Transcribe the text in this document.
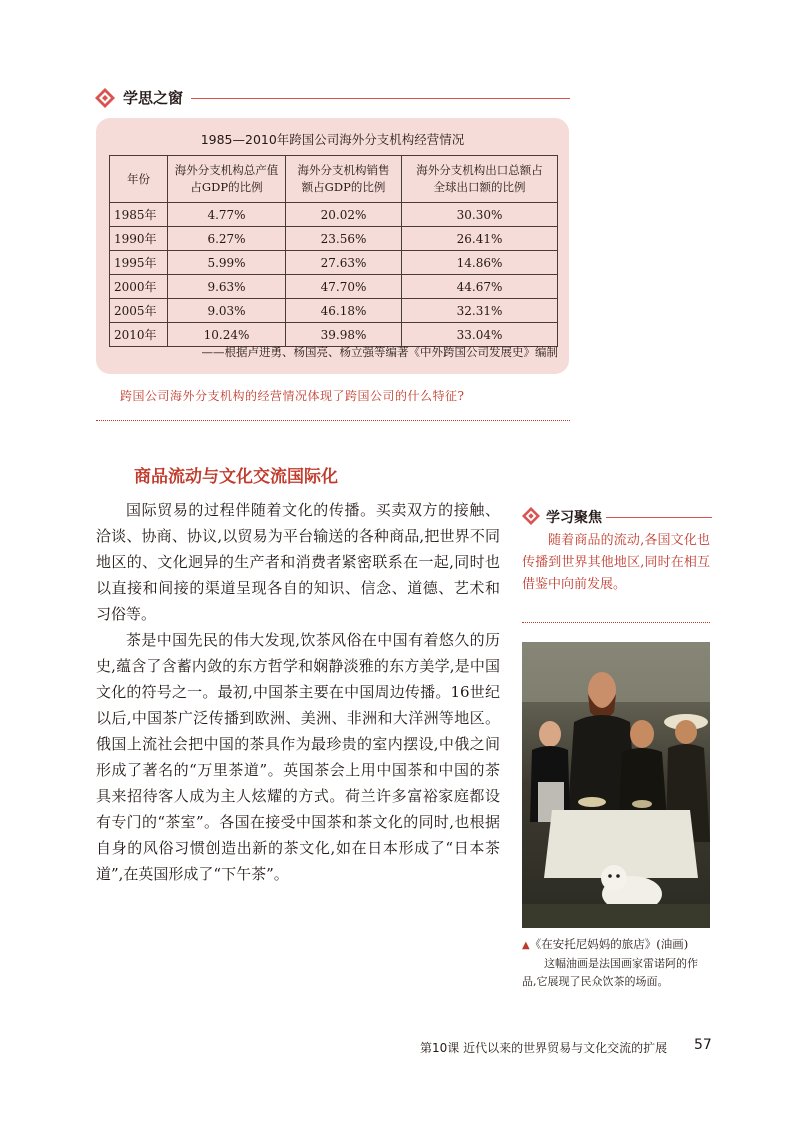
学思之窗
1985—2010年跨国公司海外分支机构经营情况
年份	海外分支机构总产值占GDP的比例	海外分支机构销售额占GDP的比例	海外分支机构出口总额占全球出口额的比例
1985年	4.77%	20.02%	30.30%
1990年	6.27%	23.56%	26.41%
1995年	5.99%	27.63%	14.86%
2000年	9.63%	47.70%	44.67%
2005年	9.03%	46.18%	32.31%
2010年	10.24%	39.98%	33.04%
——根据卢进勇、杨国亮、杨立强等编著《中外跨国公司发展史》编制
跨国公司海外分支机构的经营情况体现了跨国公司的什么特征?
商品流动与文化交流国际化

国际贸易的过程伴随着文化的传播。买卖双方的接触、洽谈、协商、协议,以贸易为平台输送的各种商品,把世界不同地区的、文化迥异的生产者和消费者紧密联系在一起,同时也以直接和间接的渠道呈现各自的知识、信念、道德、艺术和习俗等。

茶是中国先民的伟大发现,饮茶风俗在中国有着悠久的历史,蕴含了含蓄内敛的东方哲学和娴静淡雅的东方美学,是中国文化的符号之一。最初,中国茶主要在中国周边传播。16世纪以后,中国茶广泛传播到欧洲、美洲、非洲和大洋洲等地区。俄国上流社会把中国的茶具作为最珍贵的室内摆设,中俄之间形成了著名的“万里茶道”。英国茶会上用中国茶和中国的茶具来招待客人成为主人炫耀的方式。荷兰许多富裕家庭都设有专门的“茶室”。各国在接受中国茶和茶文化的同时,也根据自身的风俗习惯创造出新的茶文化,如在日本形成了“日本茶道”,在英国形成了“下午茶”。

学习聚焦

随着商品的流动,各国文化也传播到世界其他地区,同时在相互借鉴中向前发展。

▲《在安托尼妈妈的旅店》(油画)

这幅油画是法国画家雷诺阿的作品,它展现了民众饮茶的场面。

第10课 近代以来的世界贸易与文化交流的扩展 57
